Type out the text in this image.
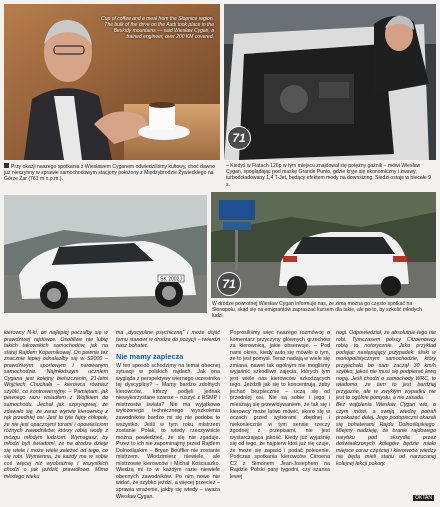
Cup of coffee and a meal from the Słopnice region. The bulk of the drive on the Audi took place in the Beskidy mountains — said Wiesław Cygan, a trained engineer, over 200 KM covered.
71
Przy okazji naszego spotkania z Wiesławem Cyganem odwiedziliśmy kultowy, choć dawno już nieczynny w sprawie samochodowym stacjony położony z Międzybrodzie Żywieckiego na Górze Żar (761 m n.p.m.).
– Kiedyś w Fiatach 126p w tym miejscu znajdował się potężny gaźnik – mówi Wiesław Cygan, spoglądając pod maskę Grande Punto, gdzie kryje się ekonomiczny i żwawy, turbodoładowany 1,4 T-Jet, będący efektem mody na downsizing. Siedzi ostaje w niecałe 9 s.
SK 2002J	71
W drodze powrotnej Wiesław Cygan informuje nas, że zimą można go często spotkać na Słonopolu, skąd się na emigrantów zapraszać kursem dla takie, ale po to, by szkolić młodych ludzi.

kierowcy N-ki, on najlepiej poczułby się w prawdziwej rajdówce. Osobliwe nie lubię takich takowskich samochodów, jak na starej Rajdem Kopernikowej. On pewnie też znacznie lepiej odnalazłby się w S2000 – prawdziwym sportowym i narowanym samochodzie. Najmłodszym uczniem Cygana jest kolejny bielszczanin, 21-letni Wojciech Chuchała – kierowca również szybki, co kontrowersyjny. – Pamiętam, jak pewnego razu wsiadłem z Wojtkiem do samochodu. Jechał jak szpryngwiej, że zdawało się, że zaraz wyrwie kierownicę z rąk przedniej osi. Jest to tyle fajny chłopak, że nie jest opacznymi torami i opowieściom różnych zawodników, którzy robią wodę z mózgu młodym ludziom. Wymagasz, by młodzi byli świadomi, że na drodze dzieje się wiele i może wiele zależeć od tego, co się robi. Wymienna, że każdy ma w sobie coś więcej niż wyobraźnię i wszystkich chodzi o jak jeździć prawidłowo. Mimo młodego wieku

ma „dyscypline psychiczną” i może dojść temu stanowi w drodze do pozycji – twierdzi nasz bohater.

Nie mamy zaplecza

W ten sposób schodzimy na temat obecnej sytuacji w polskich rajdach. Jak ona wygląda z perspektywy wiernego uczestnika tej dyscypliny? – Mamy bardzo zdolnych kierowców, którzy podjęli jednak niewykorzystane szanse – ruszyć z RSMP i mistrzostw świata? Nie ma wyjątkowo wyłożonego technicznego wyszkolenia zawodników bardzo mi się nie podoba to wszystko. Jeśli w tym roku mistrzem zostanie Polak, to wtedy rzeczywiście można powiedzieć, że się nie zgaduje. Przez to ich nie zapominajmy przed Rajdem Dolnośląskim – Bryan Bouffier nie zostanie mistrzem. Włodzimierz niewiele, ale mistrzowie kierowców i Michał Kościuszko. Wiedzą mi to w każdym razie niewiele obecnych zawodników. Po nim nowe nie widać, że szybko jeździ, a więcej przecież – sprawia wrażenie, jakby się wtedy – uważa Wiesław Cygan.

Poprosiliśmy więc naszego rozmówcę o komentarz przyczyny głównych grzechów za kierownicą, jakie obserwuje. – Pod nami okres, kiedy auto się mówiło o tym, że to jest pomysł. Teraz nadają w wiele się zmiana, nawet tak ogólnym nie mogliśmy wyjaśnić szkodliwe zajęcia, których tym jest wiele nas kierowców szkodzących tego. Jeździli jak się to koncentrują, żeby jechać bezpiecznie – uczą się od przedniej osi. Nie są sobie i jego i mieszają się przewidywaniem, że tak się i kierowcy może łatwo mówić, skoro się w oczach przed wyborami zbędnej i niekoniecznie w tym sensie rzeczy zgodnej z przepisami, nie jest wystarczająca jakość. Kiedy już wyjaśnię się od tego, że najpierw ktoś już się czuje, że może się zapaść i podać polecenie. Podczas spotkania kierowców Citroena C2 z Simonem Jean-Josephem na Rajdzie Polski parę tygodni, czy szansa lewej

nogi. Odpowiedział, że absolutnie tego nie robi. Tymczasem polscy Citroenowcy robią to notorycznie. Jako przykład podając następujący przypadek: śliski w monopolistycznym samochodzie, który przyjechała bo sam zaczął 30 km/h szybko, jakoś nie musi się podpierać lewą nogą. Jeśli chodzi o samochody WRC, to wiadomo, że tam to jest bardziej przyjazne, ale w zwykłym wypadku nie jest to ogólnie pomysłu, a nie zasada.
Bez wątpienia Wiesław Cygan wie, o czym mówi, a swoją wiedzę potrafi przekazać dalej. Jego podopieczni okazali się bohaterami Rajdu Dolnośląskiego. Miejmy nadzieję, że branie rajdowego narybku pod skrzydła przez doświadczonych kolegów będzie miało miejsce coraz częściej i kierowców wiedzy nie będą mieli stanu od narzucanej kolejnej lekcji pokory.

OKTAN
